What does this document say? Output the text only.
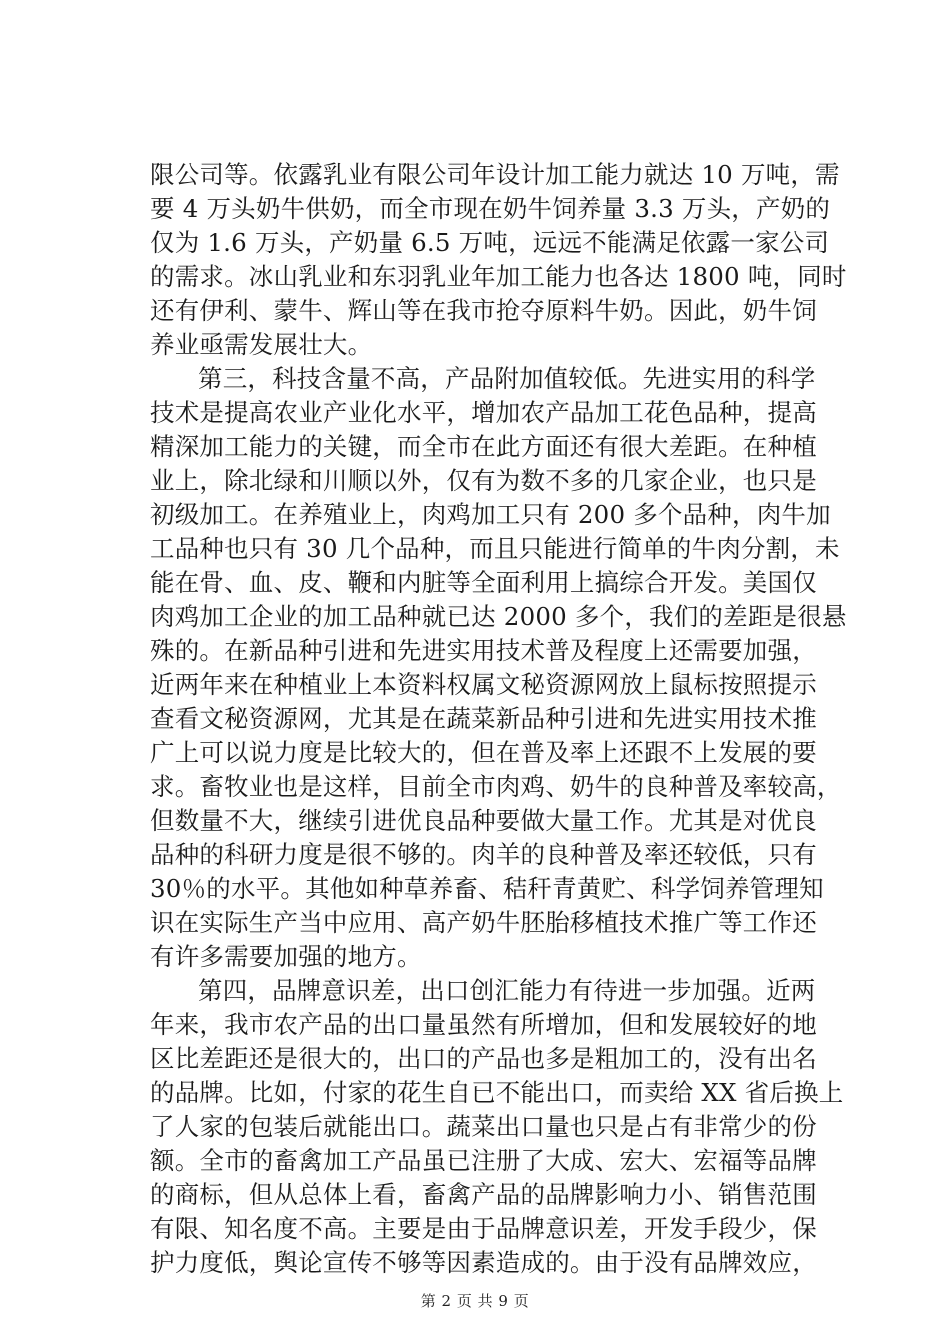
限公司等。依露乳业有限公司年设计加工能力就达 10 万吨，需
要 4 万头奶牛供奶，而全市现在奶牛饲养量 3.3 万头，产奶的
仅为 1.6 万头，产奶量 6.5 万吨，远远不能满足依露一家公司
的需求。冰山乳业和东羽乳业年加工能力也各达 1800 吨，同时
还有伊利、蒙牛、辉山等在我市抢夺原料牛奶。因此，奶牛饲
养业亟需发展壮大。
第三，科技含量不高，产品附加值较低。先进实用的科学
技术是提高农业产业化水平，增加农产品加工花色品种，提高
精深加工能力的关键，而全市在此方面还有很大差距。在种植
业上，除北绿和川顺以外，仅有为数不多的几家企业，也只是
初级加工。在养殖业上，肉鸡加工只有 200 多个品种，肉牛加
工品种也只有 30 几个品种，而且只能进行简单的牛肉分割，未
能在骨、血、皮、鞭和内脏等全面利用上搞综合开发。美国仅
肉鸡加工企业的加工品种就已达 2000 多个，我们的差距是很悬
殊的。在新品种引进和先进实用技术普及程度上还需要加强，
近两年来在种植业上本资料权属文秘资源网放上鼠标按照提示
查看文秘资源网，尤其是在蔬菜新品种引进和先进实用技术推
广上可以说力度是比较大的，但在普及率上还跟不上发展的要
求。畜牧业也是这样，目前全市肉鸡、奶牛的良种普及率较高，
但数量不大，继续引进优良品种要做大量工作。尤其是对优良
品种的科研力度是很不够的。肉羊的良种普及率还较低，只有
30％的水平。其他如种草养畜、秸秆青黄贮、科学饲养管理知
识在实际生产当中应用、高产奶牛胚胎移植技术推广等工作还
有许多需要加强的地方。
第四，品牌意识差，出口创汇能力有待进一步加强。近两
年来，我市农产品的出口量虽然有所增加，但和发展较好的地
区比差距还是很大的，出口的产品也多是粗加工的，没有出名
的品牌。比如，付家的花生自已不能出口，而卖给 XX 省后换上
了人家的包装后就能出口。蔬菜出口量也只是占有非常少的份
额。全市的畜禽加工产品虽已注册了大成、宏大、宏福等品牌
的商标，但从总体上看，畜禽产品的品牌影响力小、销售范围
有限、知名度不高。主要是由于品牌意识差，开发手段少，保
护力度低，舆论宣传不够等因素造成的。由于没有品牌效应，
第 2 页 共 9 页
